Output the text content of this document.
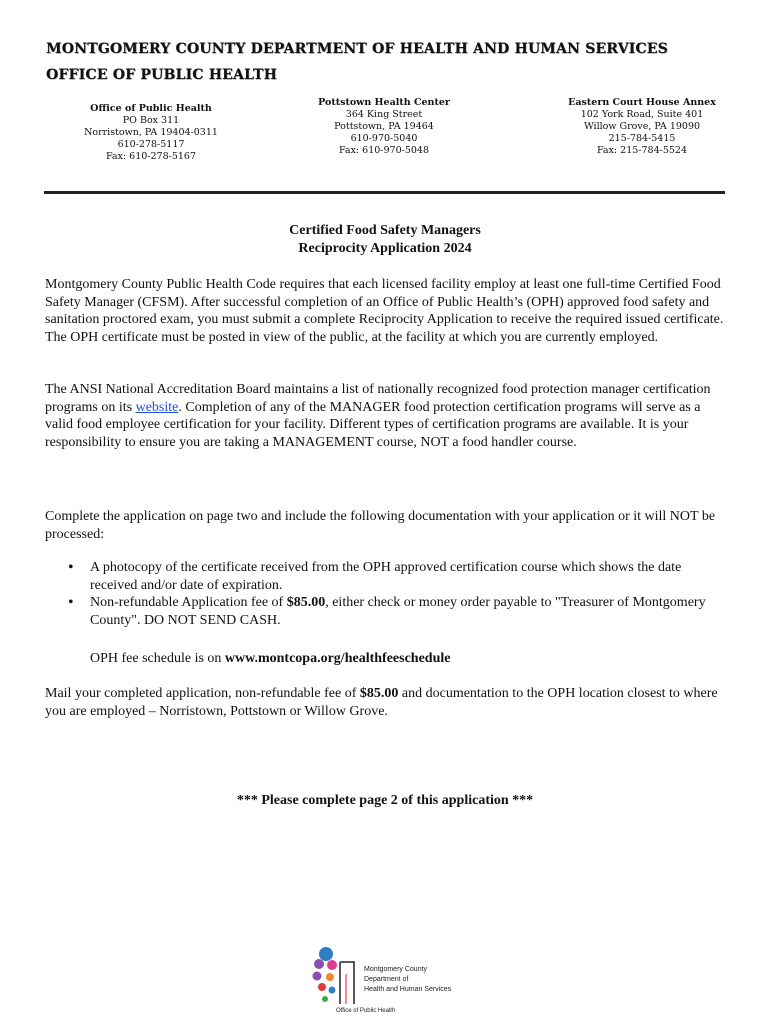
MONTGOMERY COUNTY DEPARTMENT OF HEALTH AND HUMAN SERVICES
OFFICE OF PUBLIC HEALTH
Office of Public Health
PO Box 311
Norristown, PA 19404-0311
610-278-5117
Fax: 610-278-5167
Pottstown Health Center
364 King Street
Pottstown, PA 19464
610-970-5040
Fax: 610-970-5048
Eastern Court House Annex
102 York Road, Suite 401
Willow Grove, PA 19090
215-784-5415
Fax: 215-784-5524
Certified Food Safety Managers
Reciprocity Application 2024
Montgomery County Public Health Code requires that each licensed facility employ at least one full-time Certified Food Safety Manager (CFSM). After successful completion of an Office of Public Health’s (OPH) approved food safety and sanitation proctored exam, you must submit a complete Reciprocity Application to receive the required issued certificate. The OPH certificate must be posted in view of the public, at the facility at which you are currently employed.
The ANSI National Accreditation Board maintains a list of nationally recognized food protection manager certification programs on its website. Completion of any of the MANAGER food protection certification programs will serve as a valid food employee certification for your facility. Different types of certification programs are available. It is your responsibility to ensure you are taking a MANAGEMENT course, NOT a food handler course.
Complete the application on page two and include the following documentation with your application or it will NOT be processed:
• A photocopy of the certificate received from the OPH approved certification course which shows the date received and/or date of expiration.
• Non-refundable Application fee of $85.00, either check or money order payable to "Treasurer of Montgomery County". DO NOT SEND CASH.
OPH fee schedule is on www.montcopa.org/healthfeeschedule
Mail your completed application, non-refundable fee of $85.00 and documentation to the OPH location closest to where you are employed – Norristown, Pottstown or Willow Grove.
*** Please complete page 2 of this application ***
Montgomery County
Department of
Health and Human Services
Office of Public Health
